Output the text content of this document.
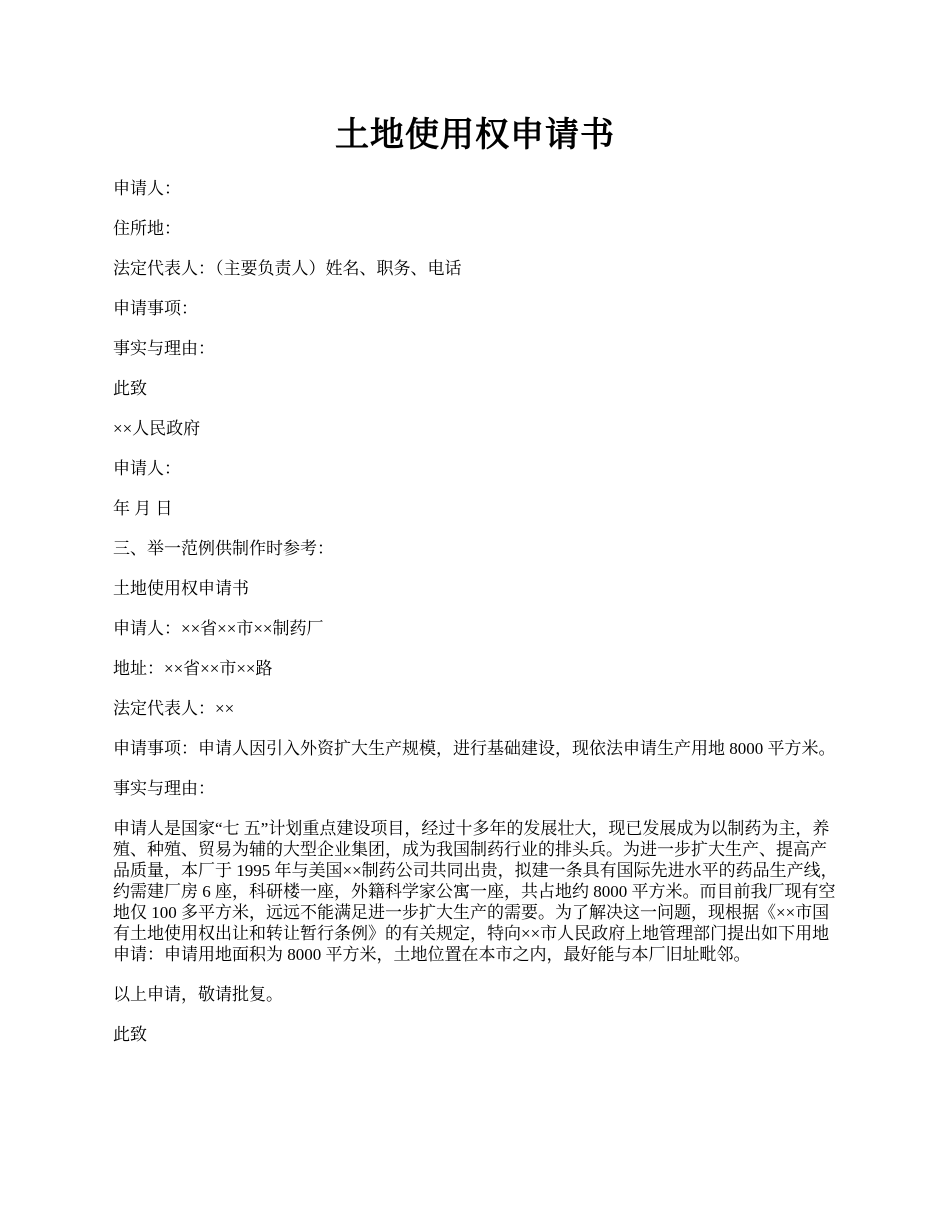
土地使用权申请书

申请人：

住所地：

法定代表人：（主要负责人）姓名、职务、电话

申请事项：

事实与理由：

此致

××人民政府

申请人：

年 月 日

三、举一范例供制作时参考：

土地使用权申请书

申请人：××省××市××制药厂

地址：××省××市××路

法定代表人：××

申请事项：申请人因引入外资扩大生产规模，进行基础建设，现依法申请生产用地 8000 平方米。

事实与理由：

申请人是国家“七 五”计划重点建设项目，经过十多年的发展壮大，现已发展成为以制药为主，养殖、种殖、贸易为辅的大型企业集团，成为我国制药行业的排头兵。为进一步扩大生产、提高产品质量，本厂于 1995 年与美国××制药公司共同出贵，拟建一条具有国际先进水平的药品生产线，约需建厂房 6 座，科研楼一座，外籍科学家公寓一座，共占地约 8000 平方米。而目前我厂现有空地仅 100 多平方米，远远不能满足进一步扩大生产的需要。为了解决这一问题，现根据《××市国有土地使用权出让和转让暂行条例》的有关规定，特向××市人民政府上地管理部门提出如下用地申请：申请用地面积为 8000 平方米，土地位置在本市之内，最好能与本厂旧址毗邻。

以上申请，敬请批复。

此致
